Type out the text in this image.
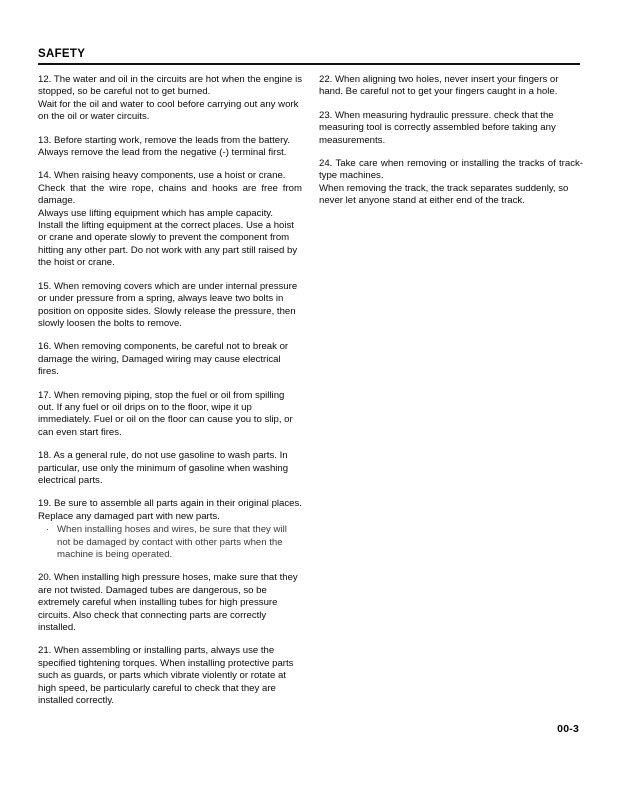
SAFETY

12. The water and oil in the circuits are hot when the engine is stopped, so be careful not to get burned.

Wait for the oil and water to cool before carrying out any work on the oil or water circuits.

13. Before starting work, remove the leads from the battery. Always remove the lead from the negative (-) terminal first.

14. When raising heavy components, use a hoist or crane.

Check that the wire rope, chains and hooks are free from damage.

Always use lifting equipment which has ample capacity.

Install the lifting equipment at the correct places. Use a hoist or crane and operate slowly to prevent the component from hitting any other part. Do not work with any part still raised by the hoist or crane.

15. When removing covers which are under internal pressure or under pressure from a spring, always leave two bolts in position on opposite sides. Slowly release the pressure, then slowly loosen the bolts to remove.

16. When removing components, be careful not to break or damage the wiring, Damaged wiring may cause electrical fires.

17. When removing piping, stop the fuel or oil from spilling out. If any fuel or oil drips on to the floor, wipe it up immediately. Fuel or oil on the floor can cause you to slip, or can even start fires.

18. As a general rule, do not use gasoline to wash parts. In particular, use only the minimum of gasoline when washing electrical parts.

19. Be sure to assemble all parts again in their original places.

Replace any damaged part with new parts.

· When installing hoses and wires, be sure that they will not be damaged by contact with other parts when the machine is being operated.

20. When installing high pressure hoses, make sure that they are not twisted. Damaged tubes are dangerous, so be extremely careful when installing tubes for high pressure circuits. Also check that connecting parts are correctly installed.

21. When assembling or installing parts, always use the specified tightening torques. When installing protective parts such as guards, or parts which vibrate violently or rotate at high speed, be particularly careful to check that they are installed correctly.

22. When aligning two holes, never insert your fingers or hand. Be careful not to get your fingers caught in a hole.

23. When measuring hydraulic pressure. check that the measuring tool is correctly assembled before taking any measurements.

24. Take care when removing or installing the tracks of track-type machines.

When removing the track, the track separates suddenly, so never let anyone stand at either end of the track.

00-3
